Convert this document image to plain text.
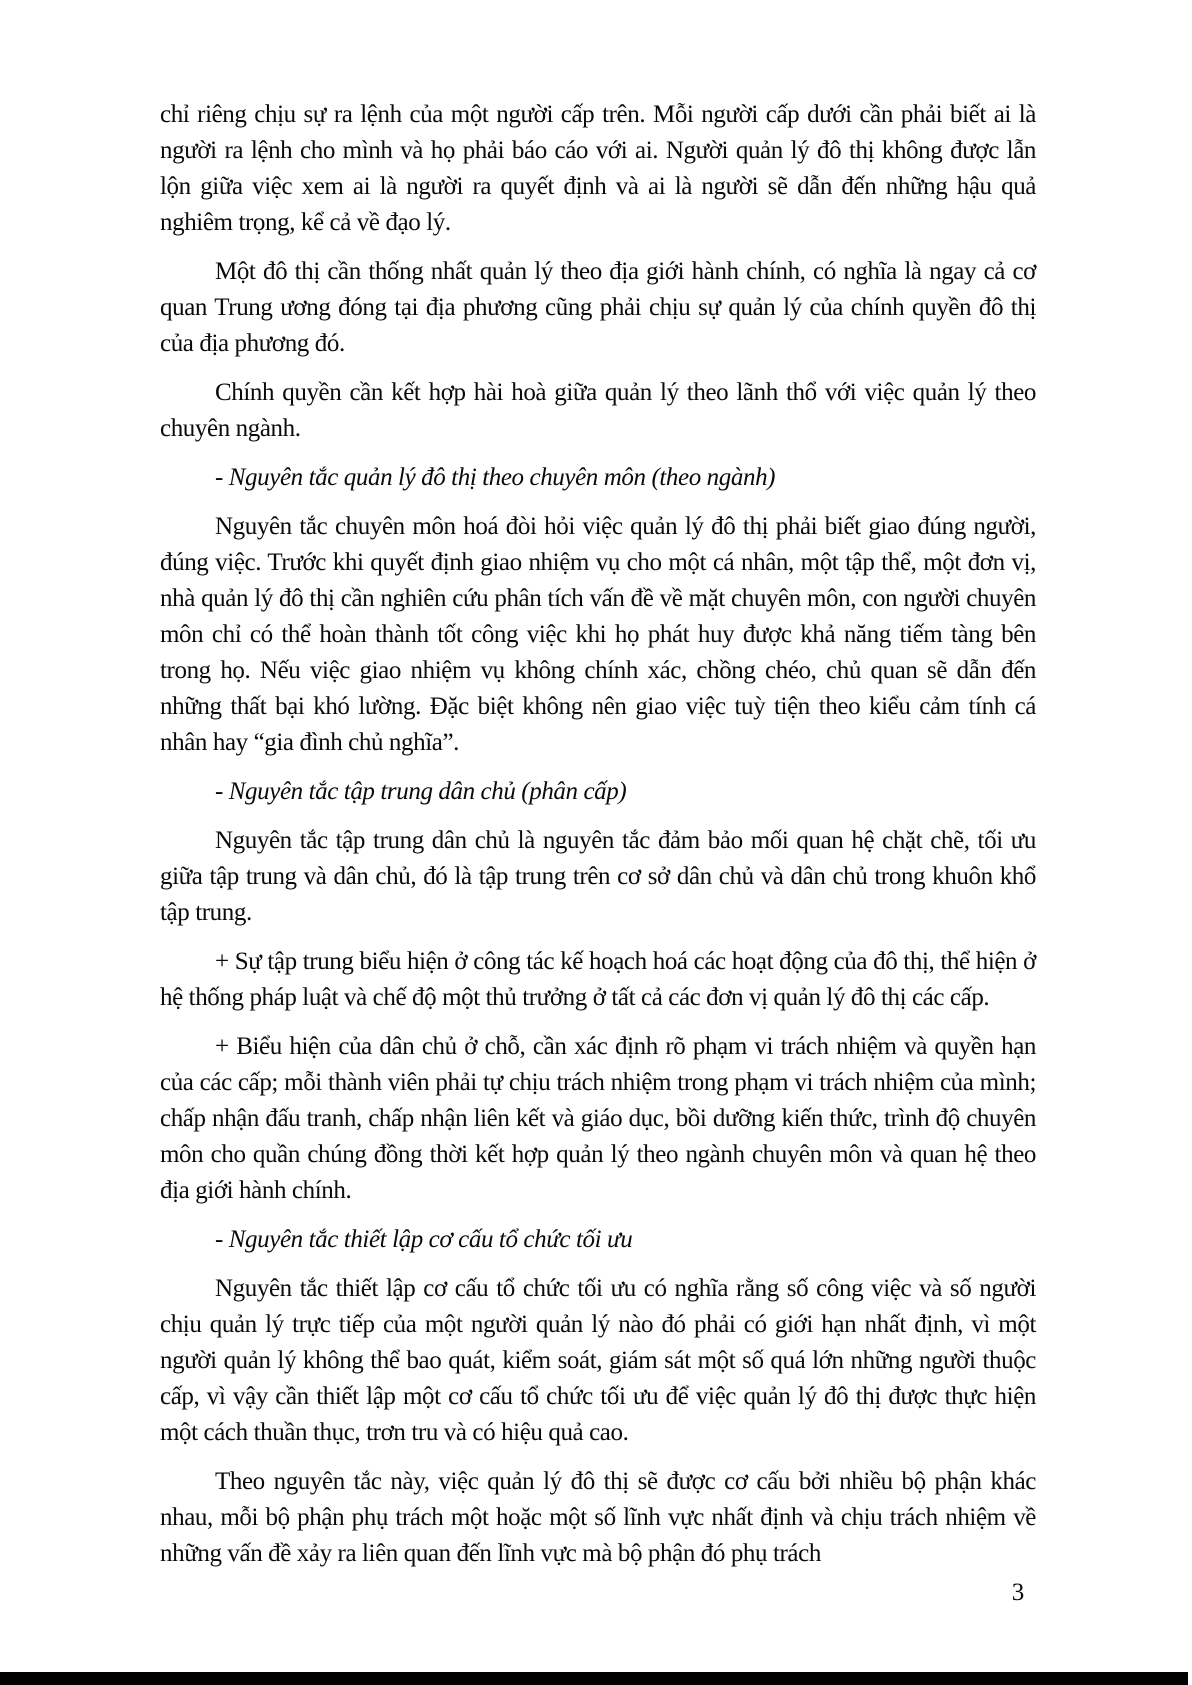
chỉ riêng chịu sự ra lệnh của một người cấp trên. Mỗi người cấp dưới cần phải biết ai là người ra lệnh cho mình và họ phải báo cáo với ai. Người quản lý đô thị không được lẫn lộn giữa việc xem ai là người ra quyết định và ai là người sẽ dẫn đến những hậu quả nghiêm trọng, kể cả về đạo lý.

Một đô thị cần thống nhất quản lý theo địa giới hành chính, có nghĩa là ngay cả cơ quan Trung ương đóng tại địa phương cũng phải chịu sự quản lý của chính quyền đô thị của địa phương đó.

Chính quyền cần kết hợp hài hoà giữa quản lý theo lãnh thổ với việc quản lý theo chuyên ngành.

- Nguyên tắc quản lý đô thị theo chuyên môn (theo ngành)

Nguyên tắc chuyên môn hoá đòi hỏi việc quản lý đô thị phải biết giao đúng người, đúng việc. Trước khi quyết định giao nhiệm vụ cho một cá nhân, một tập thể, một đơn vị, nhà quản lý đô thị cần nghiên cứu phân tích vấn đề về mặt chuyên môn, con người chuyên môn chỉ có thể hoàn thành tốt công việc khi họ phát huy được khả năng tiếm tàng bên trong họ. Nếu việc giao nhiệm vụ không chính xác, chồng chéo, chủ quan sẽ dẫn đến những thất bại khó lường. Đặc biệt không nên giao việc tuỳ tiện theo kiểu cảm tính cá nhân hay “gia đình chủ nghĩa”.

- Nguyên tắc tập trung dân chủ (phân cấp)

Nguyên tắc tập trung dân chủ là nguyên tắc đảm bảo mối quan hệ chặt chẽ, tối ưu giữa tập trung và dân chủ, đó là tập trung trên cơ sở dân chủ và dân chủ trong khuôn khổ tập trung.

+ Sự tập trung biểu hiện ở công tác kế hoạch hoá các hoạt động của đô thị, thể hiện ở hệ thống pháp luật và chế độ một thủ trưởng ở tất cả các đơn vị quản lý đô thị các cấp.

+ Biểu hiện của dân chủ ở chỗ, cần xác định rõ phạm vi trách nhiệm và quyền hạn của các cấp; mỗi thành viên phải tự chịu trách nhiệm trong phạm vi trách nhiệm của mình; chấp nhận đấu tranh, chấp nhận liên kết và giáo dục, bồi dưỡng kiến thức, trình độ chuyên môn cho quần chúng đồng thời kết hợp quản lý theo ngành chuyên môn và quan hệ theo địa giới hành chính.

- Nguyên tắc thiết lập cơ cấu tổ chức tối ưu

Nguyên tắc thiết lập cơ cấu tổ chức tối ưu có nghĩa rằng số công việc và số người chịu quản lý trực tiếp của một người quản lý nào đó phải có giới hạn nhất định, vì một người quản lý không thể bao quát, kiểm soát, giám sát một số quá lớn những người thuộc cấp, vì vậy cần thiết lập một cơ cấu tổ chức tối ưu để việc quản lý đô thị được thực hiện một cách thuần thục, trơn tru và có hiệu quả cao.

Theo nguyên tắc này, việc quản lý đô thị sẽ được cơ cấu bởi nhiều bộ phận khác nhau, mỗi bộ phận phụ trách một hoặc một số lĩnh vực nhất định và chịu trách nhiệm về những vấn đề xảy ra liên quan đến lĩnh vực mà bộ phận đó phụ trách

3
